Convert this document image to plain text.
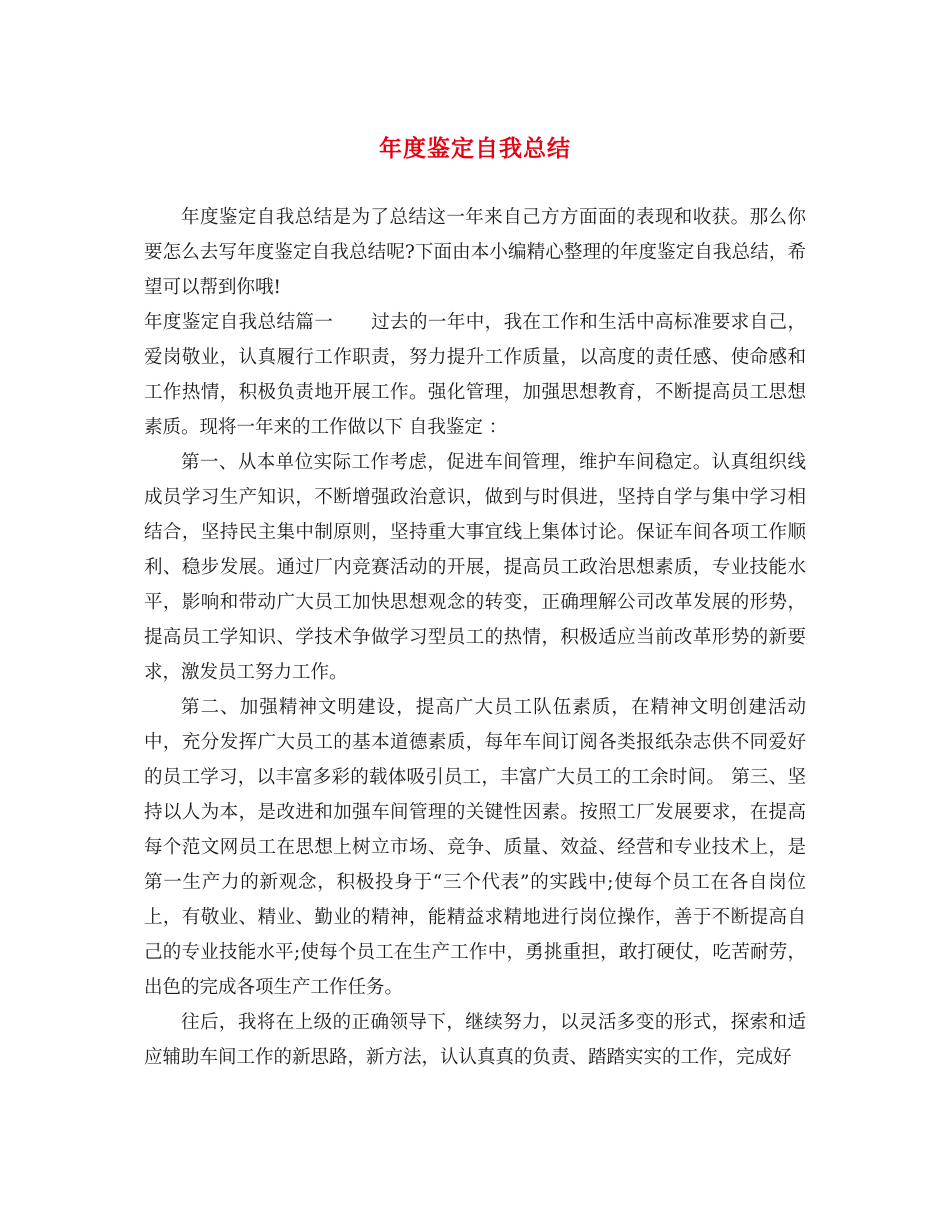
年度鉴定自我总结

年度鉴定自我总结是为了总结这一年来自己方方面面的表现和收获。那么你要怎么去写年度鉴定自我总结呢?下面由本小编精心整理的年度鉴定自我总结，希望可以帮到你哦!

年度鉴定自我总结篇一　　过去的一年中，我在工作和生活中高标准要求自己，爱岗敬业，认真履行工作职责，努力提升工作质量，以高度的责任感、使命感和工作热情，积极负责地开展工作。强化管理，加强思想教育，不断提高员工思想素质。现将一年来的工作做以下 自我鉴定 ：

第一、从本单位实际工作考虑，促进车间管理，维护车间稳定。认真组织线成员学习生产知识，不断增强政治意识，做到与时俱进，坚持自学与集中学习相结合，坚持民主集中制原则，坚持重大事宜线上集体讨论。保证车间各项工作顺利、稳步发展。通过厂内竞赛活动的开展，提高员工政治思想素质，专业技能水平，影响和带动广大员工加快思想观念的转变，正确理解公司改革发展的形势，提高员工学知识、学技术争做学习型员工的热情，积极适应当前改革形势的新要求，激发员工努力工作。

第二、加强精神文明建设，提高广大员工队伍素质，在精神文明创建活动中，充分发挥广大员工的基本道德素质，每年车间订阅各类报纸杂志供不同爱好的员工学习，以丰富多彩的载体吸引员工，丰富广大员工的工余时间。 第三、坚持以人为本，是改进和加强车间管理的关键性因素。按照工厂发展要求，在提高每个范文网员工在思想上树立市场、竞争、质量、效益、经营和专业技术上，是第一生产力的新观念，积极投身于“三个代表”的实践中;使每个员工在各自岗位上，有敬业、精业、勤业的精神，能精益求精地进行岗位操作，善于不断提高自己的专业技能水平;使每个员工在生产工作中，勇挑重担，敢打硬仗，吃苦耐劳，出色的完成各项生产工作任务。

往后，我将在上级的正确领导下，继续努力，以灵活多变的形式，探索和适应辅助车间工作的新思路，新方法，认认真真的负责、踏踏实实的工作，完成好
